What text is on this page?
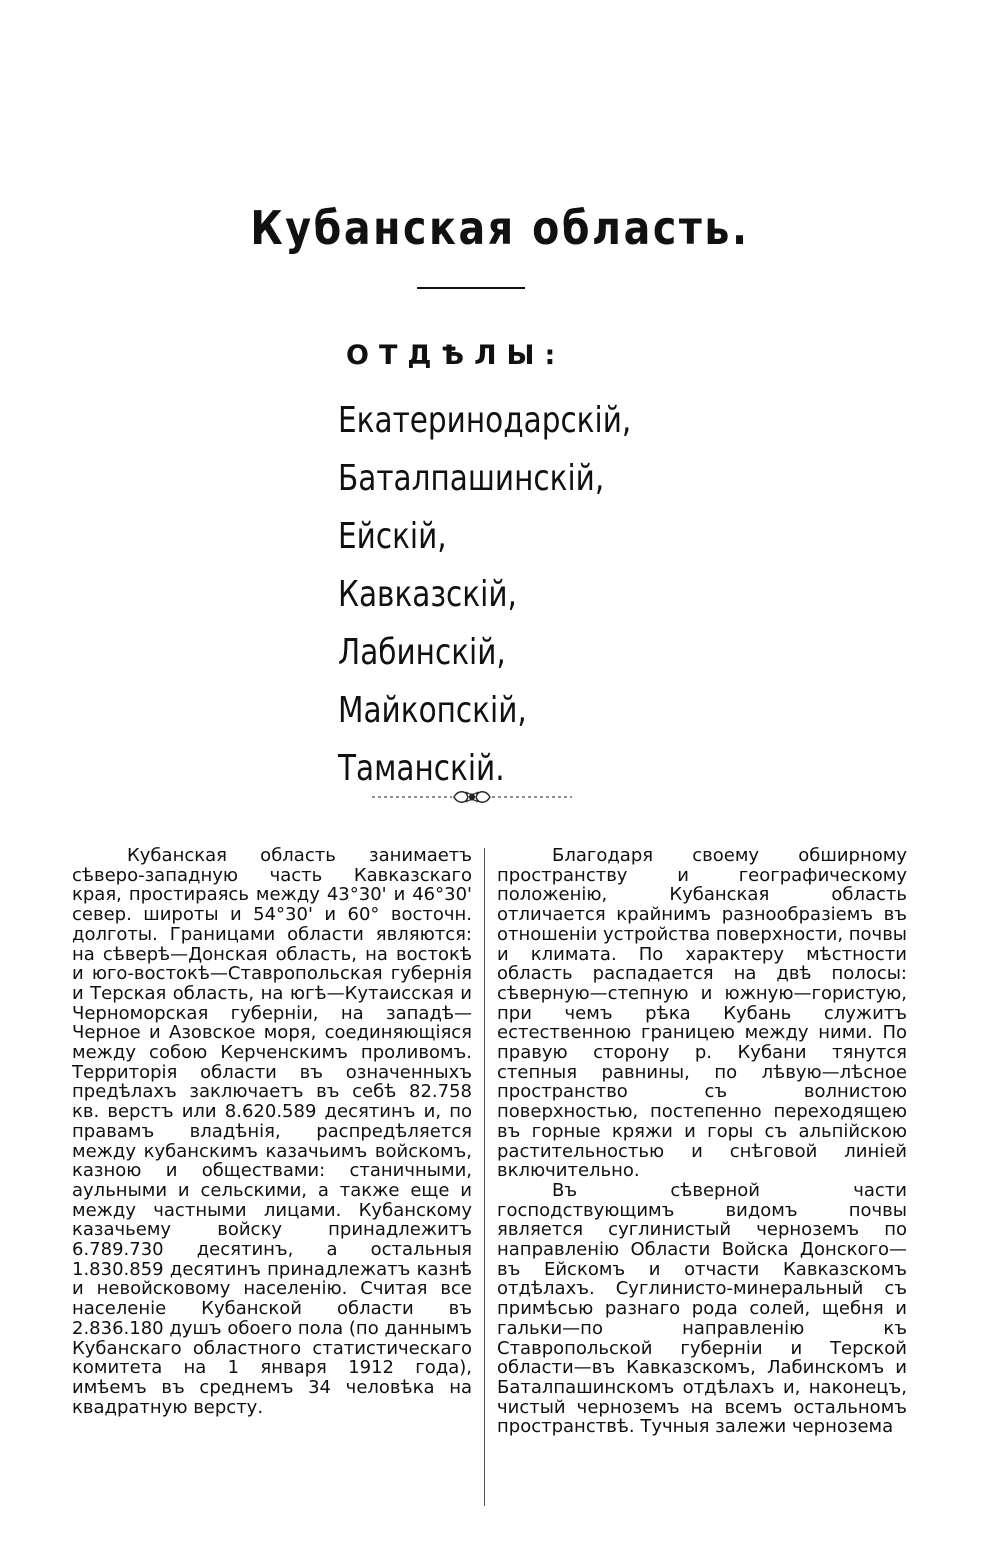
Кубанская область.
ОТДѢЛЫ:
Екатеринодарскій,
Баталпашинскій,
Ейскій,
Кавказскій,
Лабинскій,
Майкопскій,
Таманскій.

Кубанская область занимаетъ сѣверо-западную часть Кавказскаго края, простираясь между 43°30' и 46°30' север. широты и 54°30' и 60° восточн. долготы. Границами области являются: на сѣверѣ—Донская область, на востокѣ и юго-востокѣ—Ставропольская губернія и Терская область, на югѣ—Кутаисская и Черноморская губерніи, на западѣ—Черное и Азовское моря, соединяющіяся между собою Керченскимъ проливомъ. Территорія области въ означенныхъ предѣлахъ заключаетъ въ себѣ 82.758 кв. верстъ или 8.620.589 десятинъ и, по правамъ владѣнія, распредѣляется между кубанскимъ казачьимъ войскомъ, казною и обществами: станичными, аульными и сельскими, а также еще и между частными лицами. Кубанскому казачьему войску принадлежитъ 6.789.730 десятинъ, а остальныя 1.830.859 десятинъ принадлежатъ казнѣ и невойсковому населенію. Считая все населеніе Кубанской области въ 2.836.180 душъ обоего пола (по даннымъ Кубанскаго областного статистическаго комитета на 1 января 1912 года), имѣемъ въ среднемъ 34 человѣка на квадратную версту.

Благодаря своему обширному пространству и географическому положенію, Кубанская область отличается крайнимъ разнообразіемъ въ отношеніи устройства поверхности, почвы и климата. По характеру мѣстности область распадается на двѣ полосы: сѣверную—степную и южную—гористую, при чемъ рѣка Кубань служитъ естественною границею между ними. По правую сторону р. Кубани тянутся степныя равнины, по лѣвую—лѣсное пространство съ волнистою поверхностью, постепенно переходящею въ горные кряжи и горы съ альпійскою растительностью и снѣговой линіей включительно.

Въ сѣверной части господствующимъ видомъ почвы является суглинистый черноземъ по направленію Области Войска Донского—въ Ейскомъ и отчасти Кавказскомъ отдѣлахъ. Суглинисто-минеральный съ примѣсью разнаго рода солей, щебня и гальки—по направленію къ Ставропольской губерніи и Терской области—въ Кавказскомъ, Лабинскомъ и Баталпашинскомъ отдѣлахъ и, наконецъ, чистый черноземъ на всемъ остальномъ пространствѣ. Тучныя залежи чернозема
